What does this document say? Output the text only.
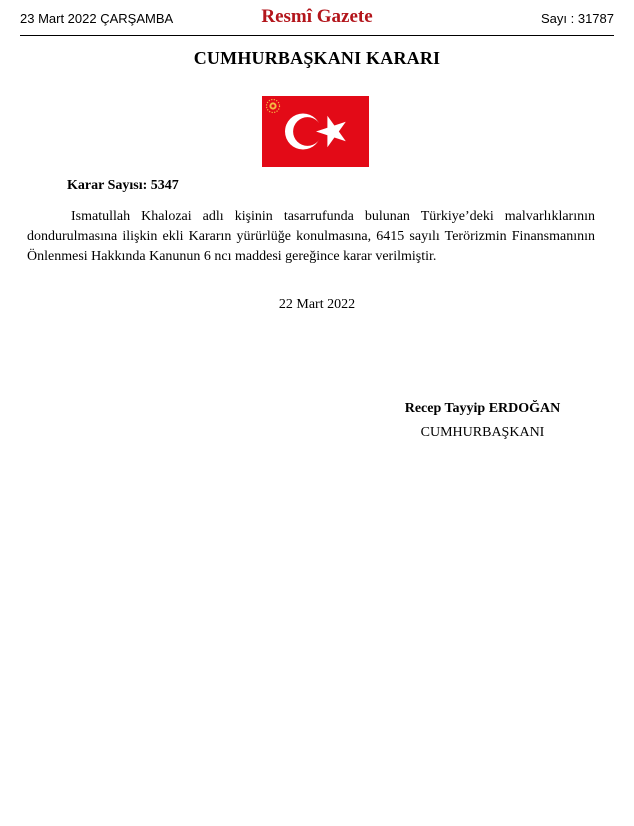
23 Mart 2022 ÇARŞAMBA	Resmî Gazete	Sayı : 31787
CUMHURBAŞKANI KARARI
Karar Sayısı: 5347

Ismatullah Khalozai adlı kişinin tasarrufunda bulunan Türkiye’deki malvarlıklarının dondurulmasına ilişkin ekli Kararın yürürlüğe konulmasına, 6415 sayılı Terörizmin Finansmanının Önlenmesi Hakkında Kanunun 6 ncı maddesi gereğince karar verilmiştir.

22 Mart 2022
Recep Tayyip ERDOĞAN
CUMHURBAŞKANI
